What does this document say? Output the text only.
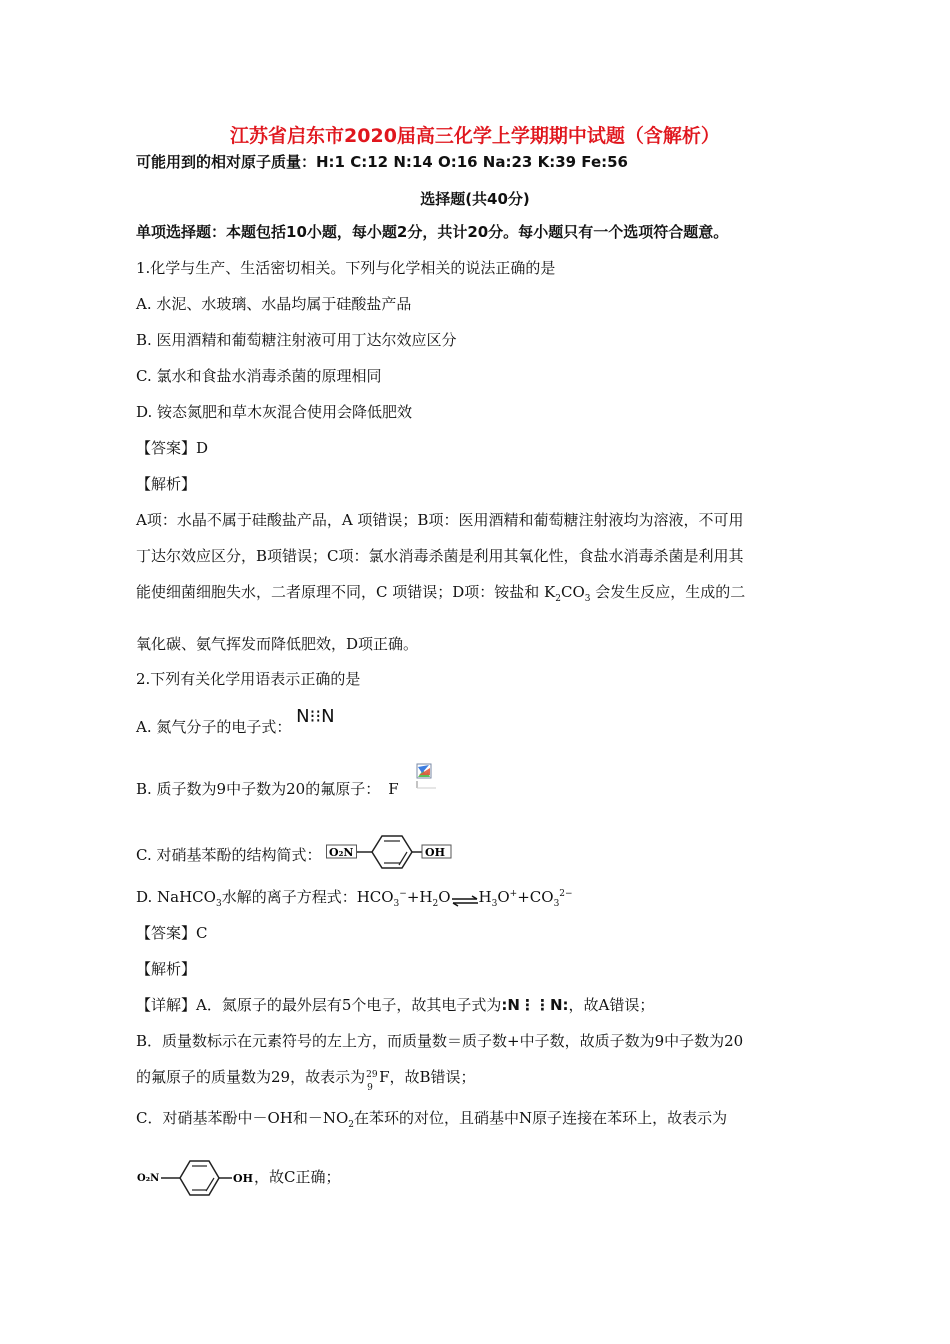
江苏省启东市2020届高三化学上学期期中试题（含解析）
可能用到的相对原子质量：H:1 C:12 N:14 O:16 Na:23 K:39 Fe:56
选择题(共40分)
单项选择题：本题包括10小题，每小题2分，共计20分。每小题只有一个选项符合题意。
1.化学与生产、生活密切相关。下列与化学相关的说法正确的是
A. 水泥、水玻璃、水晶均属于硅酸盐产品
B. 医用酒精和葡萄糖注射液可用丁达尔效应区分
C. 氯水和食盐水消毒杀菌的原理相同
D. 铵态氮肥和草木灰混合使用会降低肥效
【答案】D
【解析】
A项：水晶不属于硅酸盐产品，A 项错误；B项：医用酒精和葡萄糖注射液均为溶液，不可用
丁达尔效应区分，B项错误；C项：氯水消毒杀菌是利用其氧化性，食盐水消毒杀菌是利用其
能使细菌细胞失水，二者原理不同，C 项错误；D项：铵盐和 $K_2CO_3$ 会发生反应，生成的二
氧化碳、氨气挥发而降低肥效，D项正确。
2.下列有关化学用语表示正确的是
A. 氮气分子的电子式： N⁝⁝N
B. 质子数为9中子数为20的氟原子： F
C. 对硝基苯酚的结构简式： O₂N	OH
D. NaHCO$_3$水解的离子方程式：$HCO_3^-+H_2O\rightleftharpoons H_3O^++CO_3^{2-}$
【答案】C
【解析】
【详解】A．氮原子的最外层有5个电子，故其电子式为:N⋮⋮N:，故A错误；
B．质量数标示在元素符号的左上方，而质量数＝质子数+中子数，故质子数为9中子数为20
的氟原子的质量数为29，故表示为 29
9
F，故B错误；
C．对硝基苯酚中－OH和$-NO_2$在苯环的对位，且硝基中N原子连接在苯环上，故表示为
O₂N	OH ，故C正确；
